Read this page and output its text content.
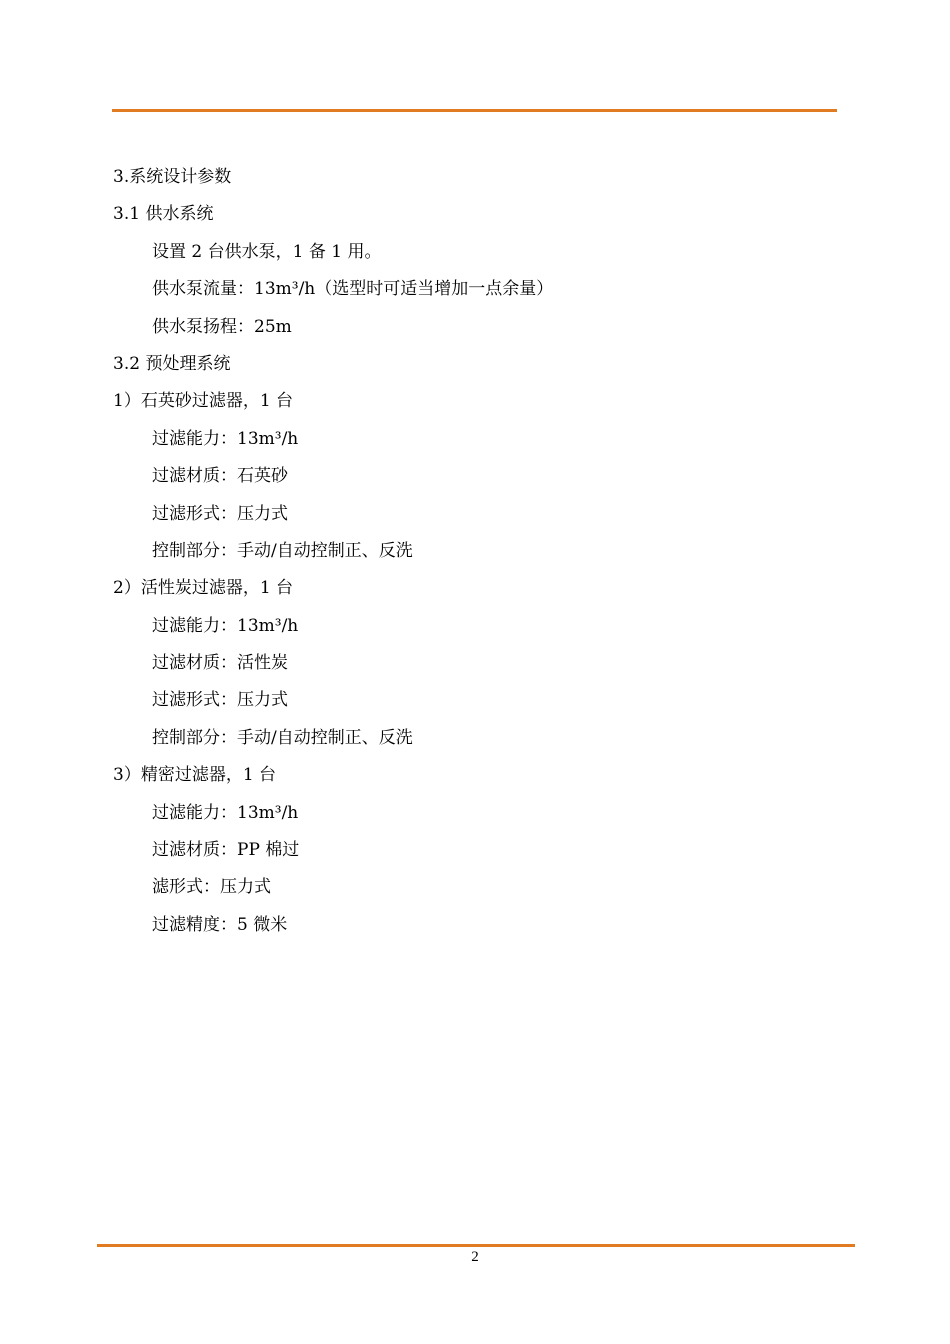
3.系统设计参数
3.1 供水系统
设置 2 台供水泵，1 备 1 用。
供水泵流量：13m³/h（选型时可适当增加一点余量）
供水泵扬程：25m
3.2 预处理系统
1）石英砂过滤器，1 台
过滤能力：13m³/h
过滤材质：石英砂
过滤形式：压力式
控制部分：手动/自动控制正、反洗
2）活性炭过滤器，1 台
过滤能力：13m³/h
过滤材质：活性炭
过滤形式：压力式
控制部分：手动/自动控制正、反洗
3）精密过滤器，1 台
过滤能力：13m³/h
过滤材质：PP 棉过
滤形式：压力式
过滤精度：5 微米
2
